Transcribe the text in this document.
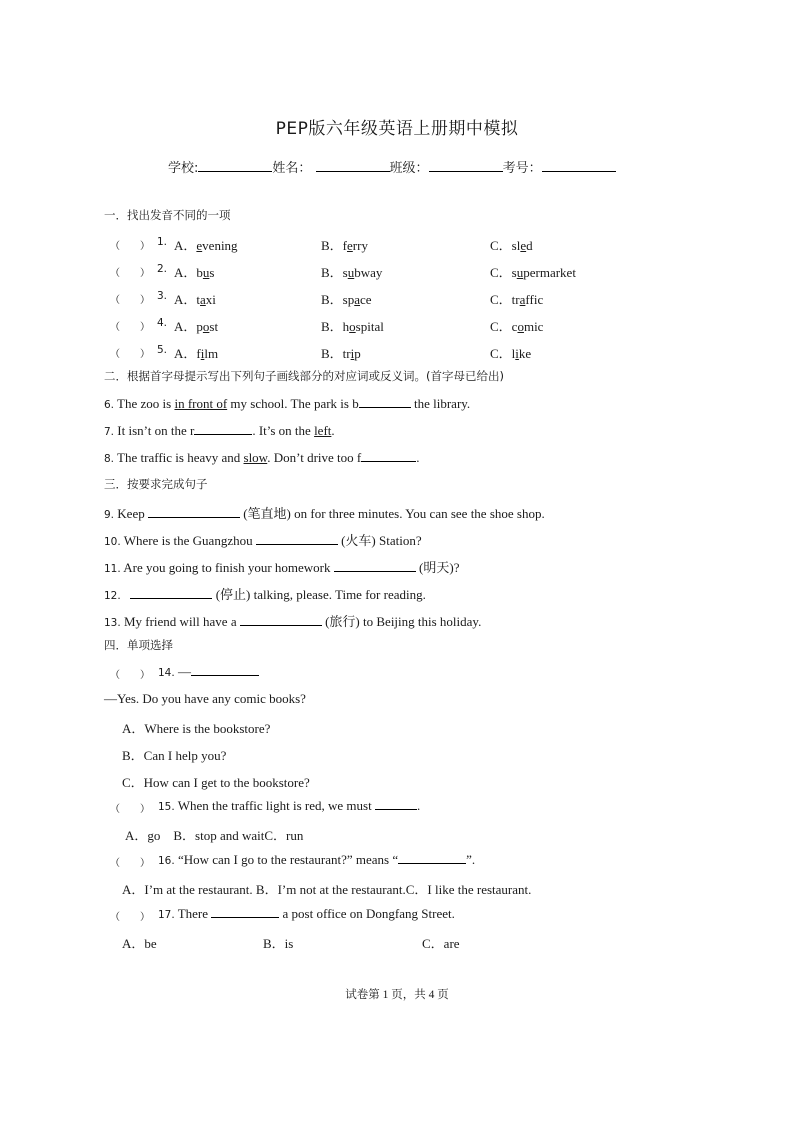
PEP版六年级英语上册期中模拟
学校:	姓名：	班级：	考号：
一．找出发音不同的一项
（　　） 1. A．evening	B．ferry	C．sled
（　　） 2. A．bus	B．subway	C．supermarket
（　　） 3. A．taxi	B．space	C．traffic
（　　） 4. A．post	B．hospital	C．comic
（　　） 5. A．film	B．trip	C．like
二．根据首字母提示写出下列句子画线部分的对应词或反义词。(首字母已给出)
6. The zoo is in front of my school. The park is b	the library.
7. It isn’t on the r	. It’s on the left.
8. The traffic is heavy and slow. Don’t drive too f	.
三．按要求完成句子
9. Keep	(笔直地) on for three minutes. You can see the shoe shop.
10. Where is the Guangzhou	(火车) Station?
11. Are you going to finish your homework	(明天)?
12.	(停止) talking, please. Time for reading.
13. My friend will have a	(旅行) to Beijing this holiday.
四．单项选择
（　　） 14. —
—Yes. Do you have any comic books?
A．Where is the bookstore?
B．Can I help you?
C．How can I get to the bookstore?
（　　） 15. When the traffic light is red, we must	.
A．go　B．stop and waitC．run
（　　） 16. “How can I go to the restaurant?” means “	”.
A．I’m at the restaurant. B．I’m not at the restaurant.C．I like the restaurant.
（　　） 17. There	a post office on Dongfang Street.
A．be	B．is	C．are
试卷第 1 页，共 4 页
